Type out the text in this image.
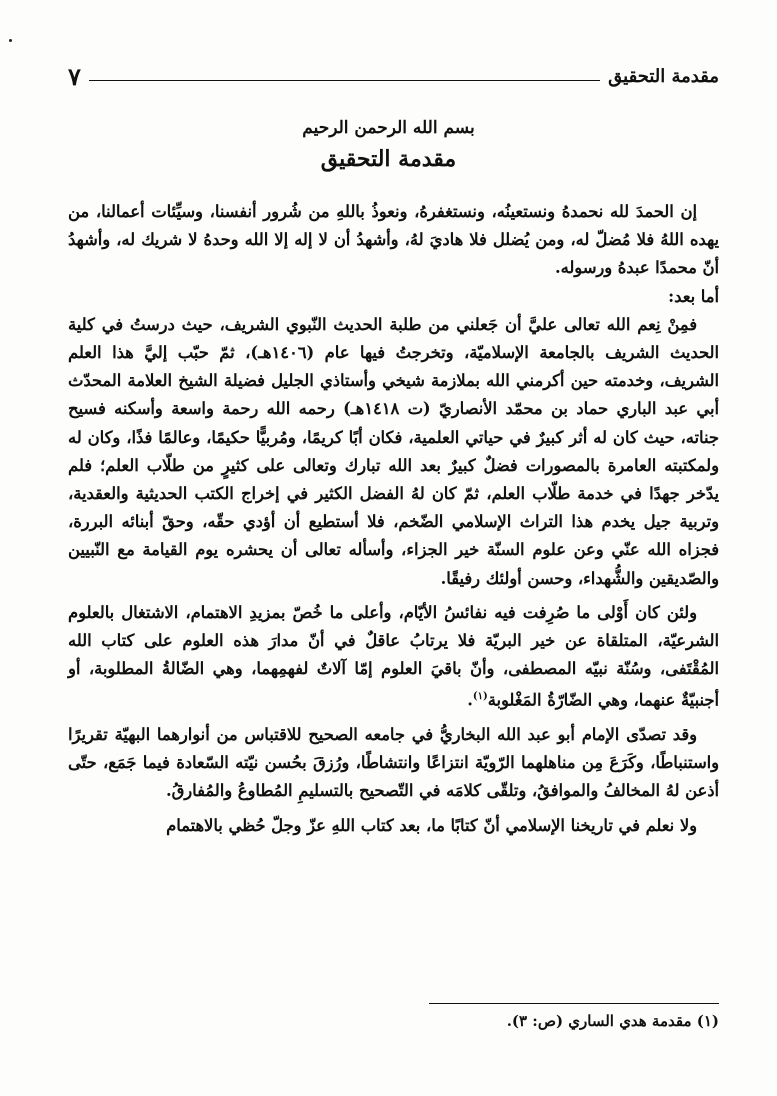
مقدمة التحقيق
٧
بسم الله الرحمن الرحيم
مقدمة التحقيق

إن الحمدَ لله نحمدهُ ونستعينُه، ونستغفرهُ، ونعوذُ باللهِ من شُرور أنفسنا، وسيِّئات أعمالنا، من يهده اللهُ فلا مُضلّ له، ومن يُضلل فلا هاديَ لهُ، وأشهدُ أن لا إله إلا الله وحدهُ لا شريك له، وأشهدُ أنّ محمدًا عبدهُ ورسوله.

أما بعد:

فمِنْ نِعم الله تعالى عليَّ أن جَعلني من طلبة الحديث النّبوي الشريف، حيث درستُ في كلية الحديث الشريف بالجامعة الإسلاميّة، وتخرجتُ فيها عام (١٤٠٦هـ)، ثمّ حبّب إليَّ هذا العلم الشريف، وخدمته حين أكرمني الله بملازمة شيخي وأستاذي الجليل فضيلة الشيخ العلامة المحدّث أبي عبد الباري حماد بن محمّد الأنصاريّ (ت ١٤١٨هـ) رحمه الله رحمة واسعة وأسكنه فسيح جناته، حيث كان له أثر كبيرٌ في حياتي العلمية، فكان أبًا كريمًا، ومُربيًّا حكيمًا، وعالمًا فذًا، وكان له ولمكتبته العامرة بالمصورات فضلٌ كبيرٌ بعد الله تبارك وتعالى على كثيرٍ من طلّاب العلم؛ فلم يدّخر جهدًا في خدمة طلّاب العلم، ثمّ كان لهُ الفضل الكثير في إخراج الكتب الحديثية والعقدية، وتربية جيل يخدم هذا التراث الإسلامي الضّخم، فلا أستطيع أن أؤدي حقّه، وحقّ أبنائه البررة، فجزاه الله عنّي وعن علوم السنّة خير الجزاء، وأسأله تعالى أن يحشره يوم القيامة مع النّبيين والصّديقين والشُّهداء، وحسن أولئك رفيقًا.

ولئن كان أَوْلى ما صُرِفت فيه نفائسُ الأيّام، وأعلى ما خُصّ بمزيدِ الاهتمام، الاشتغال بالعلوم الشرعيّة، المتلقاة عن خير البريّة فلا يرتابُ عاقلٌ في أنّ مدارَ هذه العلوم على كتاب الله المُقْتَفى، وسُنّة نبيّه المصطفى، وأنّ باقيَ العلوم إمّا آلاتٌ لفهمِهما، وهي الضّالةُ المطلوبة، أو أجنبيّةٌ عنهما، وهي الضّارّةُ المَغْلوبة$^{(١)}$.

وقد تصدّى الإمام أبو عبد الله البخاريُّ في جامعه الصحيح للاقتباس من أنوارهما البهيّة تقريرًا واستنباطًا، وكَرَعَ مِن مناهلهما الرّويّة انتزاعًا وانتشاطًا، ورُزقَ بحُسن نيّته السّعادة فيما جَمَع، حتّى أذعن لهُ المخالفُ والموافقُ، وتلقّى كلامَه في التّصحيح بالتسليمِ المُطاوعُ والمُفارقُ.

ولا نعلم في تاريخنا الإسلامي أنّ كتابًا ما، بعد كتاب اللهِ عزّ وجلّ حُظي بالاهتمام

(١) مقدمة هدي الساري (ص: ٣).
